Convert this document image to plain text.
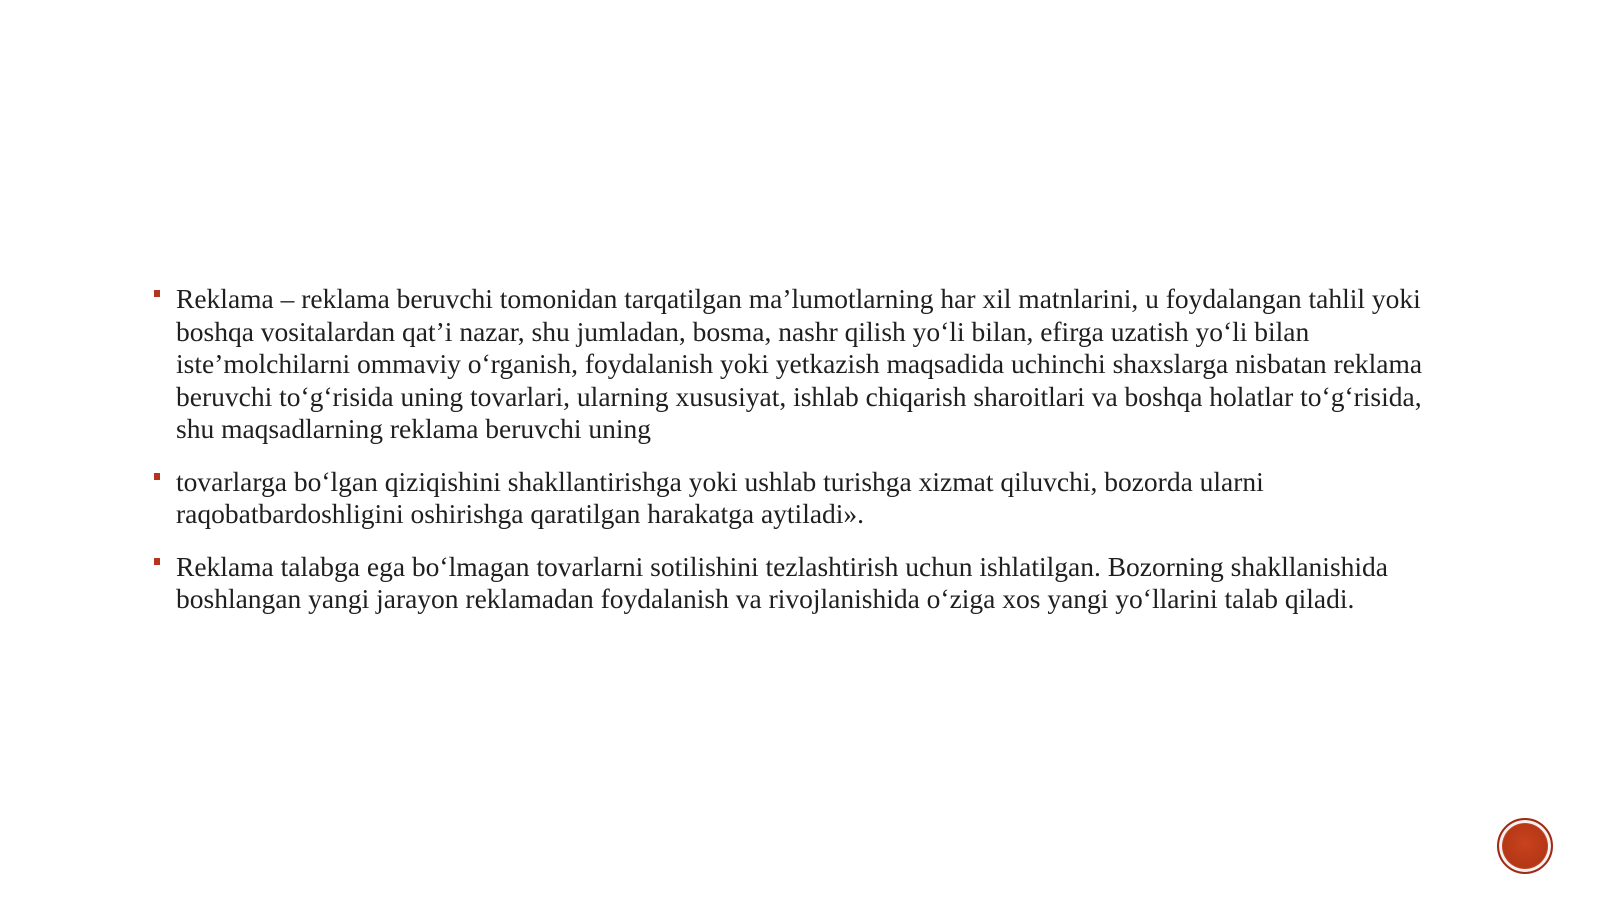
Reklama – reklama beruvchi tomonidan tarqatilgan ma’lumotlarning har xil matnlarini, u foydalangan tahlil yoki boshqa vositalardan qat’i nazar, shu jumladan, bosma, nashr qilish yo‘li bilan, efirga uzatish yo‘li bilan iste’molchilarni ommaviy o‘rganish, foydalanish yoki yetkazish maqsadida uchinchi shaxslarga nisbatan reklama beruvchi to‘g‘risida uning tovarlari, ularning xususiyat, ishlab chiqarish sharoitlari va boshqa holatlar to‘g‘risida, shu maqsadlarning reklama beruvchi uning
tovarlarga bo‘lgan qiziqishini shakllantirishga yoki ushlab turishga xizmat qiluvchi, bozorda ularni raqobatbardoshligini oshirishga qaratilgan harakatga aytiladi».
Reklama talabga ega bo‘lmagan tovarlarni sotilishini tezlashtirish uchun ishlatilgan. Bozorning shakllanishida boshlangan yangi jarayon reklamadan foydalanish va rivojlanishida o‘ziga xos yangi yo‘llarini talab qiladi.
